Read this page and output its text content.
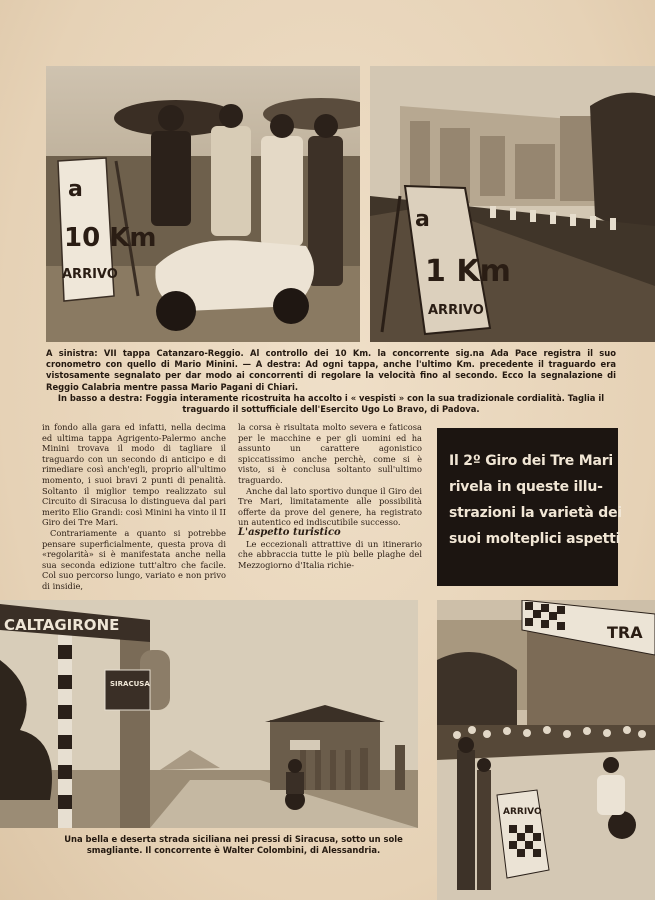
a
10 Km
ARRIVO
a
1 Km
ARRIVO

A sinistra: VII tappa Catanzaro-Reggio. Al controllo dei 10 Km. la concorrente sig.na Ada Pace registra il suo cronometro con quello di Mario Minini. — A destra: Ad ogni tappa, anche l'ultimo Km. precedente il traguardo era vistosamente segnalato per dar modo ai concorrenti di regolare la velocità fino al secondo. Ecco la segnalazione di Reggio Calabria mentre passa Mario Pagani di Chiari.

In basso a destra: Foggia interamente ricostruita ha accolto i « vespisti » con la sua tradizionale cordialità. Taglia il traguardo il sottufficiale dell'Esercito Ugo Lo Bravo, di Padova.

in fondo alla gara ed infatti, nella decima ed ultima tappa Agrigento-Palermo anche Minini trovava il modo di tagliare il traguardo con un secondo di anticipo e di rimediare così anch'egli, proprio all'ultimo momento, i suoi bravi 2 punti di penalità. Soltanto il miglior tempo realizzato sul Circuito di Siracusa lo distingueva dal pari merito Elio Grandi: così Minini ha vinto il II Giro dei Tre Mari.

Contrariamente a quanto si potrebbe pensare superficialmente, questa prova di «regolarità» si è manifestata anche nella sua seconda edizione tutt'altro che facile. Col suo percorso lungo, variato e non privo di insidie,

la corsa è risultata molto severa e faticosa per le macchine e per gli uomini ed ha assunto un carattere agonistico spiccatissimo anche perchè, come si è visto, si è conclusa soltanto sull'ultimo traguardo.

Anche dal lato sportivo dunque il Giro dei Tre Mari, limitatamente alle possibilità offerte da prove del genere, ha registrato un autentico ed indiscutibile successo.

L'aspetto turistico

Le eccezionali attrattive di un itinerario che abbraccia tutte le più belle plaghe del Mezzogiorno d'Italia richie-

Il 2º Giro dei Tre Mari
rivela in queste illu-
strazioni la varietà dei
suoi molteplici aspetti
CALTAGIRONE
SIRACUSA
Una bella e deserta strada siciliana nei pressi di Siracusa, sotto un sole smagliante. Il concorrente è Walter Colombini, di Alessandria.
TRA
ARRIVO
